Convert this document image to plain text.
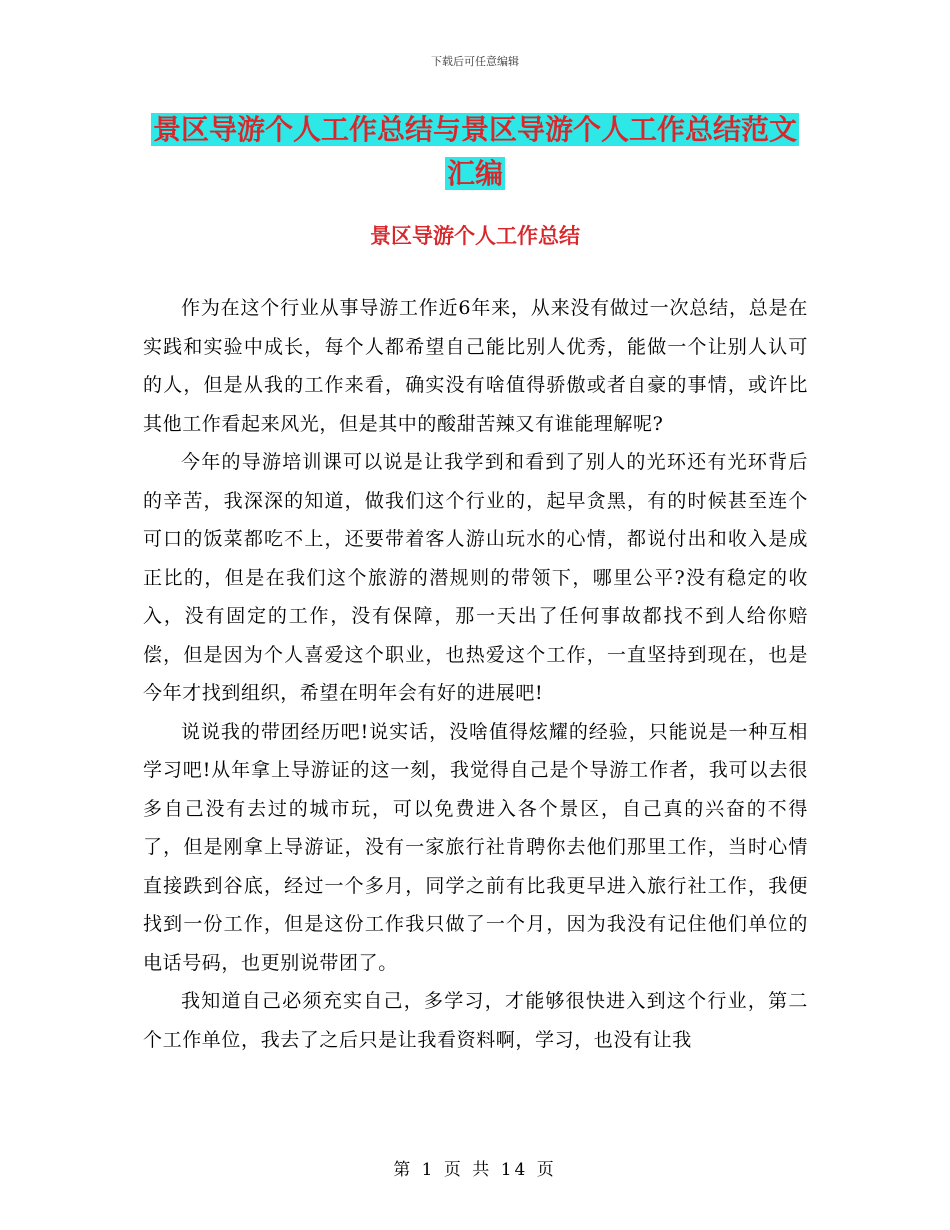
下载后可任意编辑
景区导游个人工作总结与景区导游个人工作总结范文
汇编
景区导游个人工作总结

作为在这个行业从事导游工作近6年来，从来没有做过一次总结，总是在实践和实验中成长，每个人都希望自己能比别人优秀，能做一个让别人认可的人，但是从我的工作来看，确实没有啥值得骄傲或者自豪的事情，或许比其他工作看起来风光，但是其中的酸甜苦辣又有谁能理解呢?

今年的导游培训课可以说是让我学到和看到了别人的光环还有光环背后的辛苦，我深深的知道，做我们这个行业的，起早贪黑，有的时候甚至连个可口的饭菜都吃不上，还要带着客人游山玩水的心情，都说付出和收入是成正比的，但是在我们这个旅游的潜规则的带领下，哪里公平?没有稳定的收入，没有固定的工作，没有保障，那一天出了任何事故都找不到人给你赔偿，但是因为个人喜爱这个职业，也热爱这个工作，一直坚持到现在，也是今年才找到组织，希望在明年会有好的进展吧!

说说我的带团经历吧!说实话，没啥值得炫耀的经验，只能说是一种互相学习吧!从年拿上导游证的这一刻，我觉得自己是个导游工作者，我可以去很多自己没有去过的城市玩，可以免费进入各个景区，自己真的兴奋的不得了，但是刚拿上导游证，没有一家旅行社肯聘你去他们那里工作，当时心情直接跌到谷底，经过一个多月，同学之前有比我更早进入旅行社工作，我便找到一份工作，但是这份工作我只做了一个月，因为我没有记住他们单位的电话号码，也更别说带团了。

我知道自己必须充实自己，多学习，才能够很快进入到这个行业，第二个工作单位，我去了之后只是让我看资料啊，学习，也没有让我

第 1 页 共 14 页
